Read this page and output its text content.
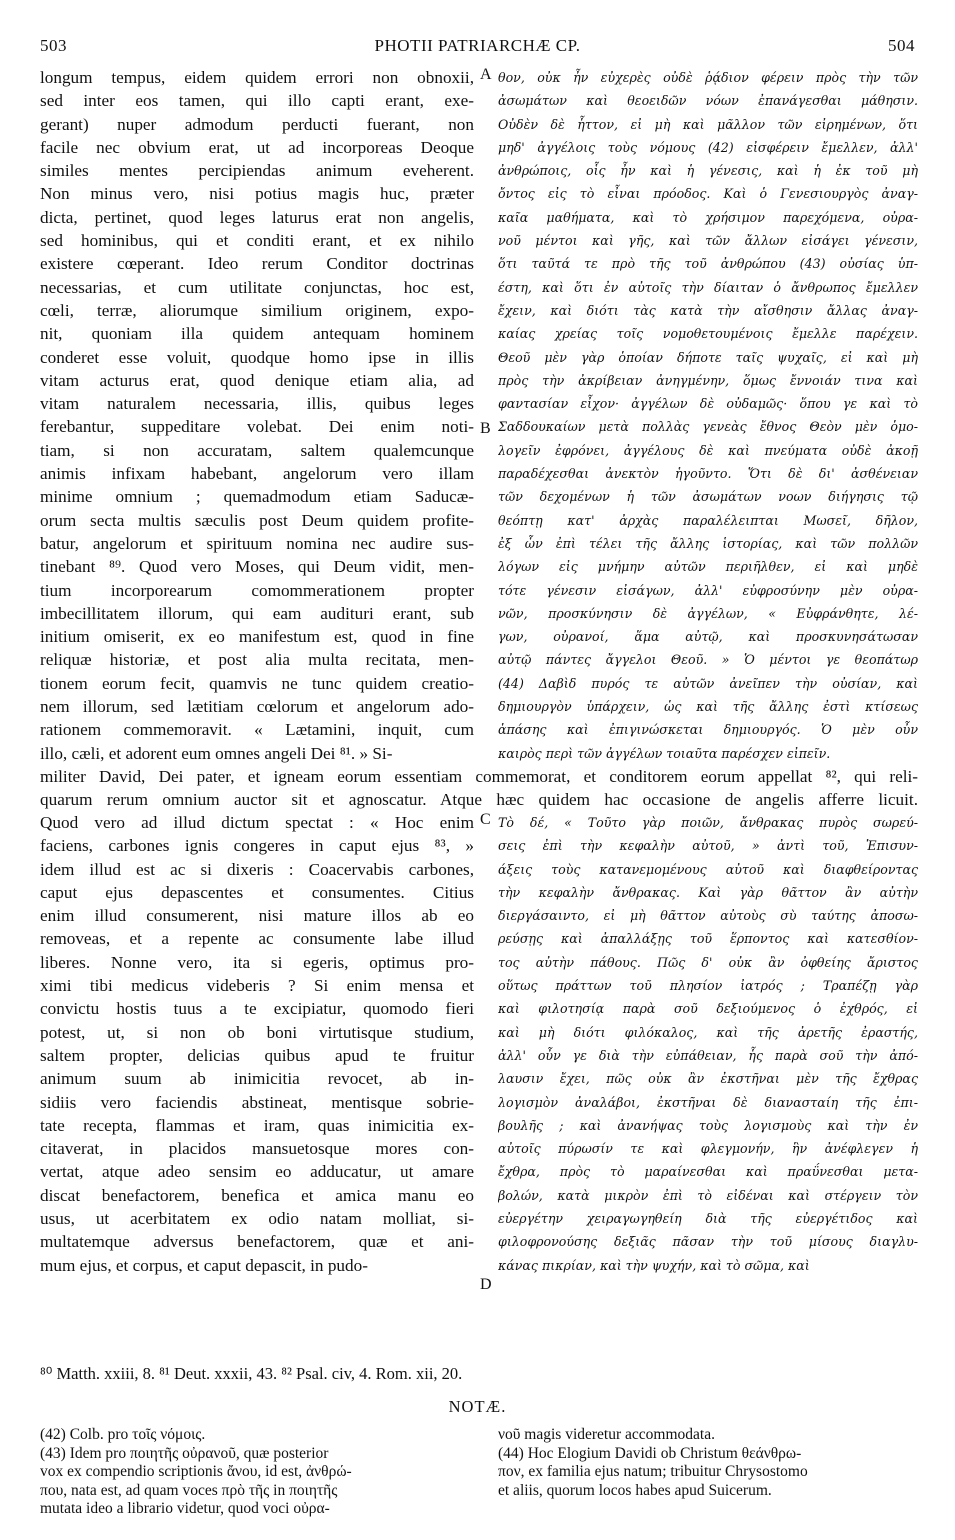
503	PHOTII PATRIARCHÆ CP.	504
A
B
C
D
longum tempus, eidem quidem errori non obnoxii,
sed inter eos tamen, qui illo capti erant, exe-
gerant) nuper admodum perducti fuerant, non
facile nec obvium erat, ut ad incorporeas Deoque
similes mentes percipiendas animum eveherent.
Non minus vero, nisi potius magis huc, præter
dicta, pertinet, quod leges laturus erat non angelis,
sed hominibus, qui et conditi erant, et ex nihilo
existere cœperant. Ideo rerum Conditor doctrinas
necessarias, et cum utilitate conjunctas, hoc est,
cœli, terræ, aliorumque similium originem, expo-
nit, quoniam illa quidem antequam hominem
conderet esse voluit, quodque homo ipse in illis
vitam acturus erat, quod denique etiam alia, ad
vitam naturalem necessaria, illis, quibus leges
ferebantur, suppeditare volebat. Dei enim noti-
tiam, si non accuratam, saltem qualemcunque
animis infixam habebant, angelorum vero illam
minime omnium ; quemadmodum etiam Saducæ-
orum secta multis sæculis post Deum quidem profite-
batur, angelorum et spirituum nomina nec audire sus-
tinebant ⁸⁹. Quod vero Moses, qui Deum vidit, men-
tium incorporearum comommerationem propter
imbecillitatem illorum, qui eam audituri erant, sub
initium omiserit, ex eo manifestum est, quod in fine
reliquæ historiæ, et post alia multa recitata, men-
tionem eorum fecit, quamvis ne tunc quidem creatio-
nem illorum, sed lætitiam cœlorum et angelorum ado-
rationem commemoravit. « Lætamini, inquit, cum
illo, cæli, et adorent eum omnes angeli Dei ⁸¹. » Si-
θον, οὐκ ἦν εὐχερὲς οὐδὲ ῥᾴδιον φέρειν πρὸς τὴν τῶν
ἀσωμάτων καὶ θεοειδῶν νόων ἐπανάγεσθαι μάθησιν.
Οὐδὲν δὲ ἧττον, εἰ μὴ καὶ μᾶλλον τῶν εἰρημένων, ὅτι
μηδ' ἀγγέλοις τοὺς νόμους (42) εἰσφέρειν ἔμελλεν, ἀλλ'
ἀνθρώποις, οἷς ἦν καὶ ἡ γένεσις, καὶ ἡ ἐκ τοῦ μὴ
ὄντος εἰς τὸ εἶναι πρόοδος. Καὶ ὁ Γενεσιουργὸς ἀναγ-
καῖα μαθήματα, καὶ τὸ χρήσιμον παρεχόμενα, οὐρα-
νοῦ μέντοι καὶ γῆς, καὶ τῶν ἄλλων εἰσάγει γένεσιν,
ὅτι ταῦτά τε πρὸ τῆς τοῦ ἀνθρώπου (43) οὐσίας ὑπ-
έστη, καὶ ὅτι ἐν αὐτοῖς τὴν δίαιταν ὁ ἄνθρωπος ἔμελλεν
ἔχειν, καὶ διότι τὰς κατὰ τὴν αἴσθησιν ἄλλας ἀναγ-
καίας χρείας τοῖς νομοθετουμένοις ἔμελλε παρέχειν.
Θεοῦ μὲν γὰρ ὁποίαν δήποτε ταῖς ψυχαῖς, εἰ καὶ μὴ
πρὸς τὴν ἀκρίβειαν ἀνηγμένην, ὅμως ἔννοιάν τινα καὶ
φαντασίαν εἶχον· ἀγγέλων δὲ οὐδαμῶς· ὅπου γε καὶ τὸ
Σαδδουκαίων μετὰ πολλὰς γενεὰς ἔθνος Θεὸν μὲν ὁμο-
λογεῖν ἐφρόνει, ἀγγέλους δὲ καὶ πνεύματα οὐδὲ ἀκοῇ
παραδέχεσθαι ἀνεκτὸν ἡγοῦντο. Ὅτι δὲ δι' ἀσθένειαν
τῶν δεχομένων ἡ τῶν ἀσωμάτων νοων διήγησις τῷ
θεόπτῃ κατ' ἀρχὰς παραλέλειπται Μωσεῖ, δῆλον,
ἐξ ὧν ἐπὶ τέλει τῆς ἄλλης ἱστορίας, καὶ τῶν πολλῶν
λόγων εἰς μνήμην αὐτῶν περιῆλθεν, εἰ καὶ μηδὲ
τότε γένεσιν εἰσάγων, ἀλλ' εὐφροσύνην μὲν οὐρα-
νῶν, προσκύνησιν δὲ ἀγγέλων, « Εὐφράνθητε, λέ-
γων, οὐρανοί, ἅμα αὐτῷ, καὶ προσκυνησάτωσαν
αὐτῷ πάντες ἄγγελοι Θεοῦ. » Ὁ μέντοι γε θεοπάτωρ
(44) Δαβὶδ πυρός τε αὐτῶν ἀνεῖπεν τὴν οὐσίαν, καὶ
δημιουργὸν ὑπάρχειν, ὡς καὶ τῆς ἄλλης ἐστὶ κτίσεως
ἁπάσης καὶ ἐπιγινώσκεται δημιουργός. Ὁ μὲν οὖν
καιρὸς περὶ τῶν ἀγγέλων τοιαῦτα παρέσχεν εἰπεῖν.
militer David, Dei pater, et igneam eorum essentiam commemorat, et conditorem eorum appellat ⁸², qui reli-
quarum rerum omnium auctor sit et agnoscatur. Atque hæc quidem hac occasione de angelis afferre licuit.
Quod vero ad illud dictum spectat : « Hoc enim
faciens, carbones ignis congeres in caput ejus ⁸³, »
idem illud est ac si dixeris : Coacervabis carbones,
caput ejus depascentes et consumentes. Citius
enim illud consumerent, nisi mature illos ab eo
removeas, et a repente ac consumente labe illud
liberes. Nonne vero, ita si egeris, optimus pro-
ximi tibi medicus videberis ? Si enim mensa et
convictu hostis tuus a te excipiatur, quomodo fieri
potest, ut, si non ob boni virtutisque studium,
saltem propter, delicias quibus apud te fruitur
animum suum ab inimicitia revocet, ab in-
sidiis vero faciendis abstineat, mentisque sobrie-
tate recepta, flammas et iram, quas inimicitia ex-
citaverat, in placidos mansuetosque mores con-
vertat, atque adeo sensim eo adducatur, ut amare
discat benefactorem, benefica et amica manu eo
usus, ut acerbitatem ex odio natam molliat, si-
multatemque adversus benefactorem, quæ et ani-
mum ejus, et corpus, et caput depascit, in pudo-
Τὸ δέ, « Τοῦτο γὰρ ποιῶν, ἄνθρακας πυρὸς σωρεύ-
σεις ἐπὶ τὴν κεφαλὴν αὐτοῦ, » ἀντὶ τοῦ, Ἐπισυν-
άξεις τοὺς κατανεμομένους αὐτοῦ καὶ διαφθείροντας
τὴν κεφαλὴν ἄνθρακας. Καὶ γὰρ θᾶττον ἂν αὐτὴν
διεργάσαιντο, εἰ μὴ θᾶττον αὐτοὺς σὺ ταύτης ἀποσω-
ρεύσῃς καὶ ἀπαλλάξῃς τοῦ ἕρποντος καὶ κατεσθίον-
τος αὐτὴν πάθους. Πῶς δ' οὐκ ἂν ὀφθείης ἄριστος
οὕτως πράττων τοῦ πλησίον ἰατρός ; Τραπέζῃ γὰρ
καὶ φιλοτησίᾳ παρὰ σοῦ δεξιούμενος ὁ ἐχθρός, εἰ
καὶ μὴ διότι φιλόκαλος, καὶ τῆς ἀρετῆς ἐραστής,
ἀλλ' οὖν γε διὰ τὴν εὐπάθειαν, ἧς παρὰ σοῦ τὴν ἀπό-
λαυσιν ἔχει, πῶς οὐκ ἂν ἐκστῆναι μὲν τῆς ἔχθρας
λογισμὸν ἀναλάβοι, ἐκστῆναι δὲ διανασταίη τῆς ἐπι-
βουλῆς ; καὶ ἀνανήψας τοὺς λογισμοὺς καὶ τὴν ἐν
αὐτοῖς πύρωσίν τε καὶ φλεγμονήν, ἣν ἀνέφλεγεν ἡ
ἔχθρα, πρὸς τὸ μαραίνεσθαι καὶ πραΰνεσθαι μετα-
βολών, κατὰ μικρὸν ἐπὶ τὸ εἰδέναι καὶ στέργειν τὸν
εὐεργέτην χειραγωγηθείη διὰ τῆς εὐεργέτιδος καὶ
φιλοφρονούσης δεξιᾶς πᾶσαν τὴν τοῦ μίσους διαγλυ-
κάνας πικρίαν, καὶ τὴν ψυχήν, καὶ τὸ σῶμα, καὶ
⁸⁰ Matth. xxiii, 8. ⁸¹ Deut. xxxii, 43. ⁸² Psal. civ, 4. Rom. xii, 20.
NOTÆ.
(42) Colb. pro τοῖς νόμοις.
(43) Idem pro ποιητῆς οὐρανοῦ, quæ posterior
vox ex compendio scriptionis ἄνου, id est, ἀνθρώ-
που, nata est, ad quam voces πρὸ τῆς in ποιητῆς
mutata ideo a librario videtur, quod voci οὐρα-
νοῦ magis videretur accommodata.
(44) Hoc Elogium Davidi ob Christum θεάνθρω-
πον, ex familia ejus natum; tribuitur Chrysostomo
et aliis, quorum locos habes apud Suicerum.
